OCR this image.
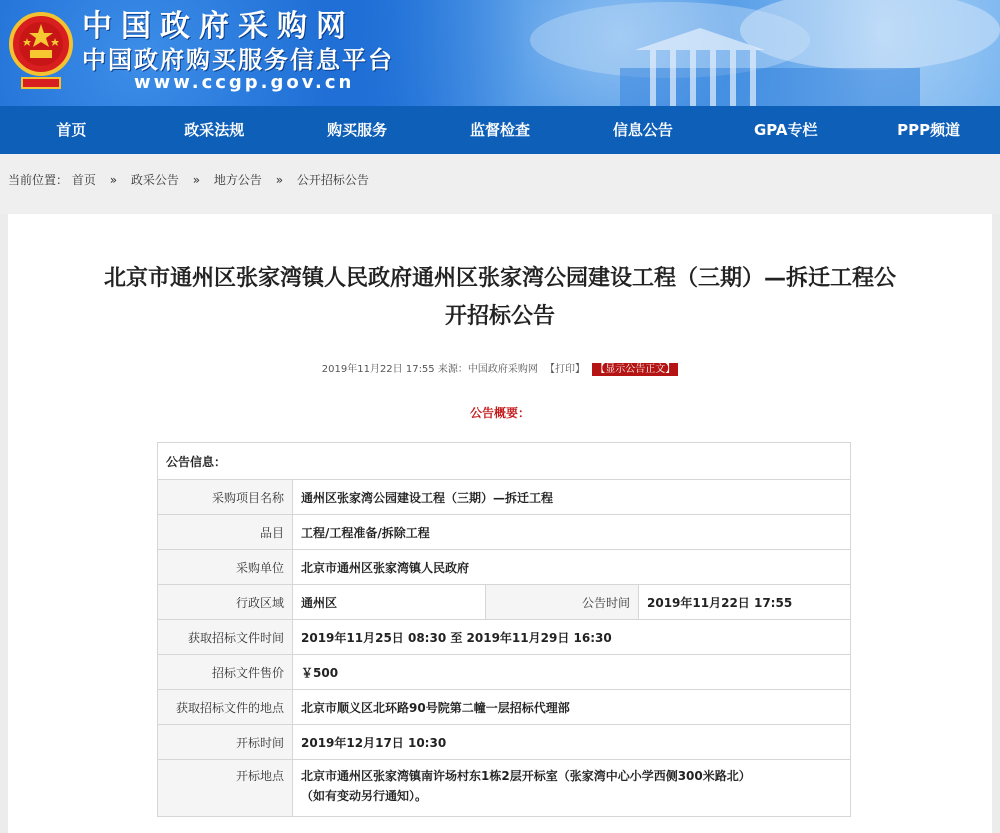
中国政府采购网
中国政府购买服务信息平台
www.ccgp.gov.cn
首页	政采法规	购买服务	监督检查	信息公告	GPA专栏	PPP频道
当前位置： 首页 » 政采公告 » 地方公告 » 公开招标公告
北京市通州区张家湾镇人民政府通州区张家湾公园建设工程（三期）—拆迁工程公
开招标公告
2019年11月22日 17:55 来源：中国政府采购网 【打印】 【显示公告正文】
公告概要：
公告信息：			
采购项目名称	通州区张家湾公园建设工程（三期）—拆迁工程		
品目	工程/工程准备/拆除工程		
采购单位	北京市通州区张家湾镇人民政府		
行政区域	通州区	公告时间	2019年11月22日 17:55
获取招标文件时间	2019年11月25日 08:30 至 2019年11月29日 16:30		
招标文件售价	￥500		
获取招标文件的地点	北京市顺义区北环路90号院第二幢一层招标代理部		
开标时间	2019年12月17日 10:30		
开标地点	北京市通州区张家湾镇南许场村东1栋2层开标室（张家湾中心小学西侧300米路北）
（如有变动另行通知）。		
